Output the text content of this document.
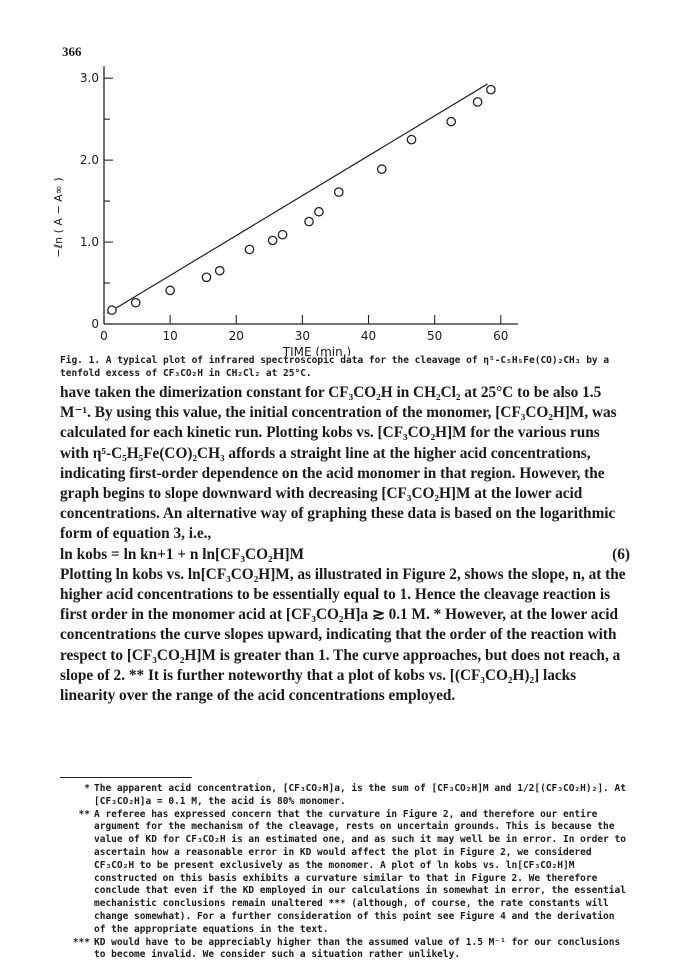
366
0
1.0
2.0
3.0
0	10	20	30	40	50	60
TIME (min.)
−ℓn ( A − A∞ )
Fig. 1. A typical plot of infrared spectroscopic data for the cleavage of η⁵-C₅H₅Fe(CO)₂CH₃ by a tenfold excess of CF₃CO₂H in CH₂Cl₂ at 25°C.

have taken the dimerization constant for CF₃CO₂H in CH₂Cl₂ at 25°C to be also 1.5 M⁻¹. By using this value, the initial concentration of the monomer, [CF₃CO₂H]M, was calculated for each kinetic run. Plotting kobs vs. [CF₃CO₂H]M for the various runs with η⁵-C₅H₅Fe(CO)₂CH₃ affords a straight line at the higher acid concentrations, indicating first-order dependence on the acid monomer in that region. However, the graph begins to slope downward with decreasing [CF₃CO₂H]M at the lower acid concentrations. An alternative way of graphing these data is based on the logarithmic form of equation 3, i.e.,

ln kobs = ln kn+1 + n ln[CF₃CO₂H]M	(6)

Plotting ln kobs vs. ln[CF₃CO₂H]M, as illustrated in Figure 2, shows the slope, n, at the higher acid concentrations to be essentially equal to 1. Hence the cleavage reaction is first order in the monomer acid at [CF₃CO₂H]a ≳ 0.1 M. * However, at the lower acid concentrations the curve slopes upward, indicating that the order of the reaction with respect to [CF₃CO₂H]M is greater than 1. The curve approaches, but does not reach, a slope of 2. ** It is further noteworthy that a plot of kobs vs. [(CF₃CO₂H)₂] lacks linearity over the range of the acid concentrations employed.

* The apparent acid concentration, [CF₃CO₂H]a, is the sum of [CF₃CO₂H]M and 1/2[(CF₃CO₂H)₂]. At [CF₃CO₂H]a = 0.1 M, the acid is 80% monomer.
** A referee has expressed concern that the curvature in Figure 2, and therefore our entire argument for the mechanism of the cleavage, rests on uncertain grounds. This is because the value of KD for CF₃CO₂H is an estimated one, and as such it may well be in error. In order to ascertain how a reasonable error in KD would affect the plot in Figure 2, we considered CF₃CO₂H to be present exclusively as the monomer. A plot of ln kobs vs. ln[CF₃CO₂H]M constructed on this basis exhibits a curvature similar to that in Figure 2. We therefore conclude that even if the KD employed in our calculations in somewhat in error, the essential mechanistic conclusions remain unaltered *** (although, of course, the rate constants will change somewhat). For a further consideration of this point see Figure 4 and the derivation of the appropriate equations in the text.
*** KD would have to be appreciably higher than the assumed value of 1.5 M⁻¹ for our conclusions to become invalid. We consider such a situation rather unlikely.
